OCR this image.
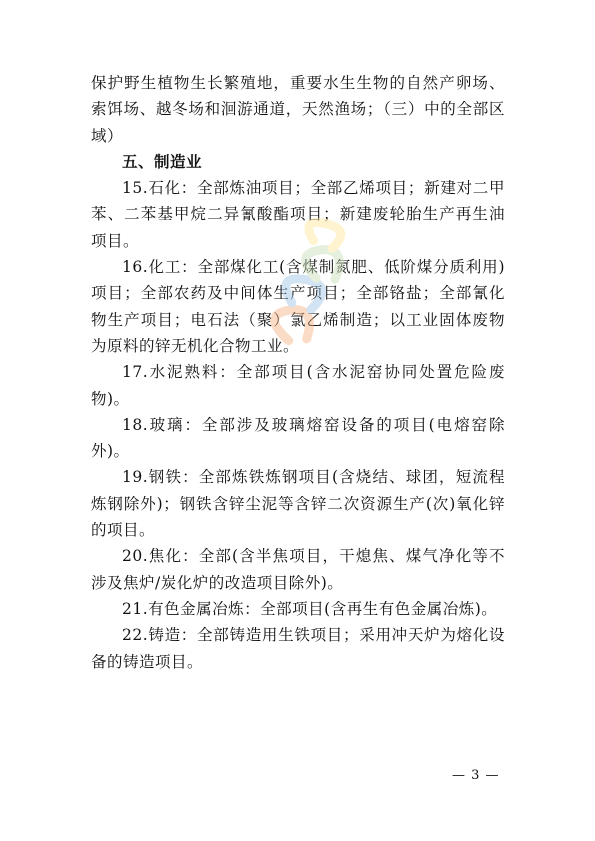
保护野生植物生长繁殖地，重要水生生物的自然产卵场、索饵场、越冬场和洄游通道，天然渔场；（三）中的全部区域）

五、制造业

15.石化：全部炼油项目；全部乙烯项目；新建对二甲苯、二苯基甲烷二异氰酸酯项目；新建废轮胎生产再生油项目。

16.化工：全部煤化工(含煤制氮肥、低阶煤分质利用)项目；全部农药及中间体生产项目；全部铬盐；全部氰化物生产项目；电石法（聚）氯乙烯制造；以工业固体废物为原料的锌无机化合物工业。

17.水泥熟料：全部项目(含水泥窑协同处置危险废物)。

18.玻璃：全部涉及玻璃熔窑设备的项目(电熔窑除外)。

19.钢铁：全部炼铁炼钢项目(含烧结、球团，短流程炼钢除外)；钢铁含锌尘泥等含锌二次资源生产(次)氧化锌的项目。

20.焦化：全部(含半焦项目，干熄焦、煤气净化等不涉及焦炉/炭化炉的改造项目除外)。

21.有色金属冶炼：全部项目(含再生有色金属冶炼)。

22.铸造：全部铸造用生铁项目；采用冲天炉为熔化设备的铸造项目。

— 3 —
